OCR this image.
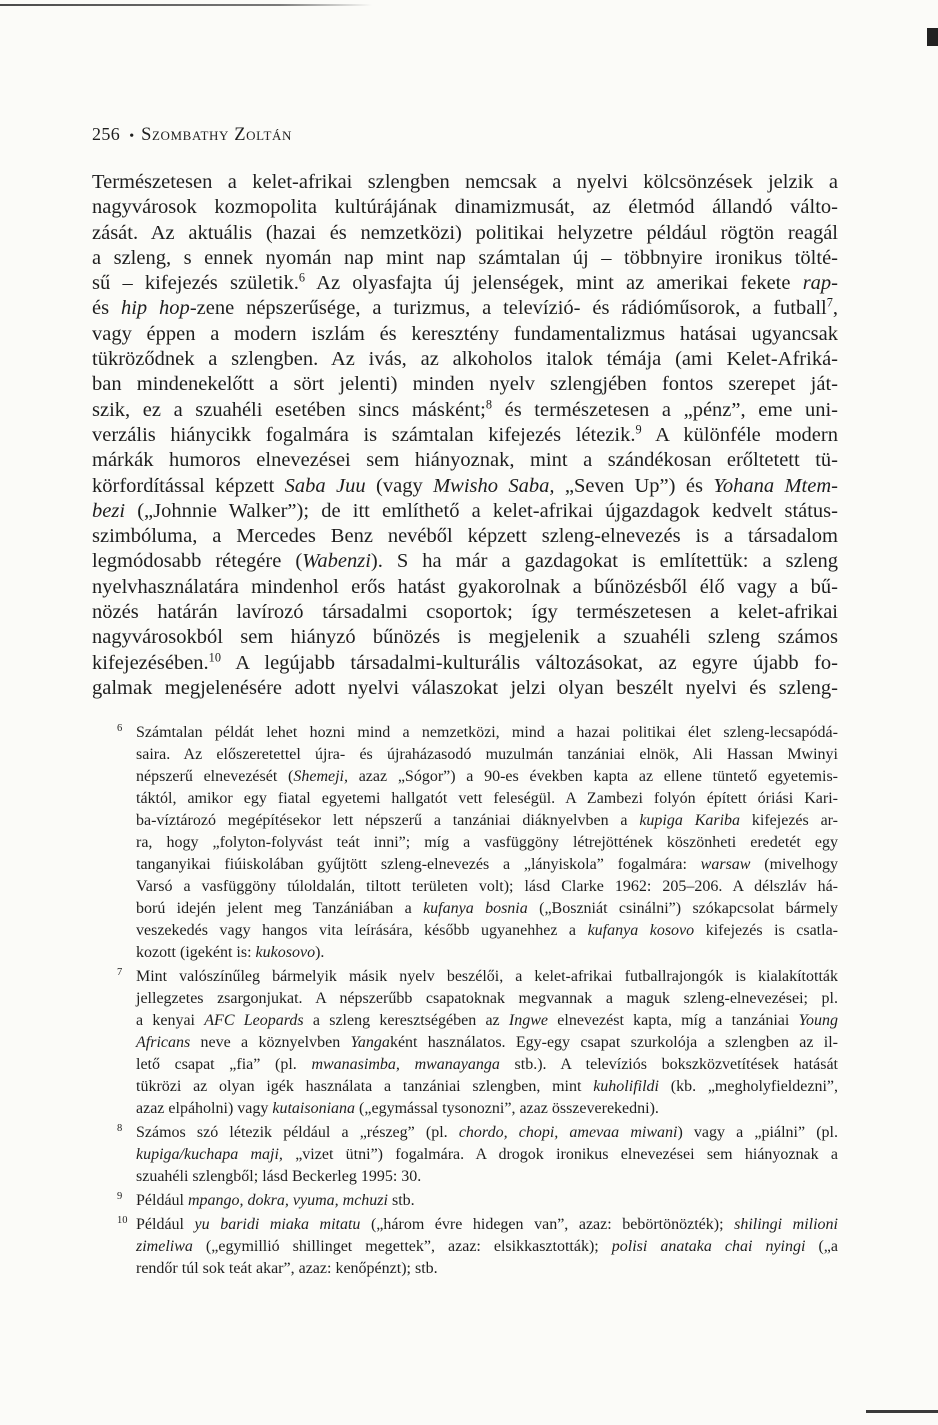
256 • Szombathy Zoltán
Természetesen a kelet-afrikai szlengben nemcsak a nyelvi kölcsönzések jelzik a
nagyvárosok kozmopolita kultúrájának dinamizmusát, az életmód állandó válto-
zását. Az aktuális (hazai és nemzetközi) politikai helyzetre például rögtön reagál
a szleng, s ennek nyomán nap mint nap számtalan új – többnyire ironikus tölté-
sű – kifejezés születik.$^6$ Az olyasfajta új jelenségek, mint az amerikai fekete rap-
és hip hop-zene népszerűsége, a turizmus, a televízió- és rádióműsorok, a futball$^7$,
vagy éppen a modern iszlám és keresztény fundamentalizmus hatásai ugyancsak
tükröződnek a szlengben. Az ivás, az alkoholos italok témája (ami Kelet-Afriká-
ban mindenekelőtt a sört jelenti) minden nyelv szlengjében fontos szerepet ját-
szik, ez a szuahéli esetében sincs másként;$^8$ és természetesen a „pénz”, eme uni-
verzális hiánycikk fogalmára is számtalan kifejezés létezik.$^9$ A különféle modern
márkák humoros elnevezései sem hiányoznak, mint a szándékosan erőltetett tü-
körfordítással képzett Saba Juu (vagy Mwisho Saba, „Seven Up”) és Yohana Mtem-
bezi („Johnnie Walker”); de itt említhető a kelet-afrikai újgazdagok kedvelt státus-
szimbóluma, a Mercedes Benz nevéből képzett szleng-elnevezés is a társadalom
legmódosabb rétegére (Wabenzi). S ha már a gazdagokat is említettük: a szleng
nyelvhasználatára mindenhol erős hatást gyakorolnak a bűnözésből élő vagy a bű-
nözés határán lavírozó társadalmi csoportok; így természetesen a kelet-afrikai
nagyvárosokból sem hiányzó bűnözés is megjelenik a szuahéli szleng számos
kifejezésében.$^{10}$ A legújabb társadalmi-kulturális változásokat, az egyre újabb fo-
galmak megjelenésére adott nyelvi válaszokat jelzi olyan beszélt nyelvi és szleng-
6 Számtalan példát lehet hozni mind a nemzetközi, mind a hazai politikai élet szleng-lecsapódá-
saira. Az előszeretettel újra- és újraházasodó muzulmán tanzániai elnök, Ali Hassan Mwinyi
népszerű elnevezését (Shemeji, azaz „Sógor”) a 90-es években kapta az ellene tüntető egyetemis-
táktól, amikor egy fiatal egyetemi hallgatót vett feleségül. A Zambezi folyón épített óriási Kari-
ba-víztározó megépítésekor lett népszerű a tanzániai diáknyelvben a kupiga Kariba kifejezés ar-
ra, hogy „folyton-folyvást teát inni”; míg a vasfüggöny létrejöttének köszönheti eredetét egy
tanganyikai fiúiskolában gyűjtött szleng-elnevezés a „lányiskola” fogalmára: warsaw (mivelhogy
Varsó a vasfüggöny túloldalán, tiltott területen volt); lásd Clarke 1962: 205–206. A délszláv há-
ború idején jelent meg Tanzániában a kufanya bosnia („Boszniát csinálni”) szókapcsolat bármely
veszekedés vagy hangos vita leírására, később ugyanehhez a kufanya kosovo kifejezés is csatla-
kozott (igeként is: kukosovo).
7 Mint valószínűleg bármelyik másik nyelv beszélői, a kelet-afrikai futballrajongók is kialakították
jellegzetes zsargonjukat. A népszerűbb csapatoknak megvannak a maguk szleng-elnevezései; pl.
a kenyai AFC Leopards a szleng keresztségében az Ingwe elnevezést kapta, míg a tanzániai Young
Africans neve a köznyelvben Yangaként használatos. Egy-egy csapat szurkolója a szlengben az il-
lető csapat „fia” (pl. mwanasimba, mwanayanga stb.). A televíziós bokszközvetítések hatását
tükrözi az olyan igék használata a tanzániai szlengben, mint kuholifildi (kb. „megholyfieldezni”,
azaz elpáholni) vagy kutaisoniana („egymással tysonozni”, azaz összeverekedni).
8 Számos szó létezik például a „részeg” (pl. chordo, chopi, amevaa miwani) vagy a „piálni” (pl.
kupiga/kuchapa maji, „vizet ütni”) fogalmára. A drogok ironikus elnevezései sem hiányoznak a
szuahéli szlengből; lásd Beckerleg 1995: 30.
9 Például mpango, dokra, vyuma, mchuzi stb.
10 Például yu baridi miaka mitatu („három évre hidegen van”, azaz: bebörtönözték); shilingi milioni
zimeliwa („egymillió shillinget megettek”, azaz: elsikkasztották); polisi anataka chai nyingi („a
rendőr túl sok teát akar”, azaz: kenőpénzt); stb.
